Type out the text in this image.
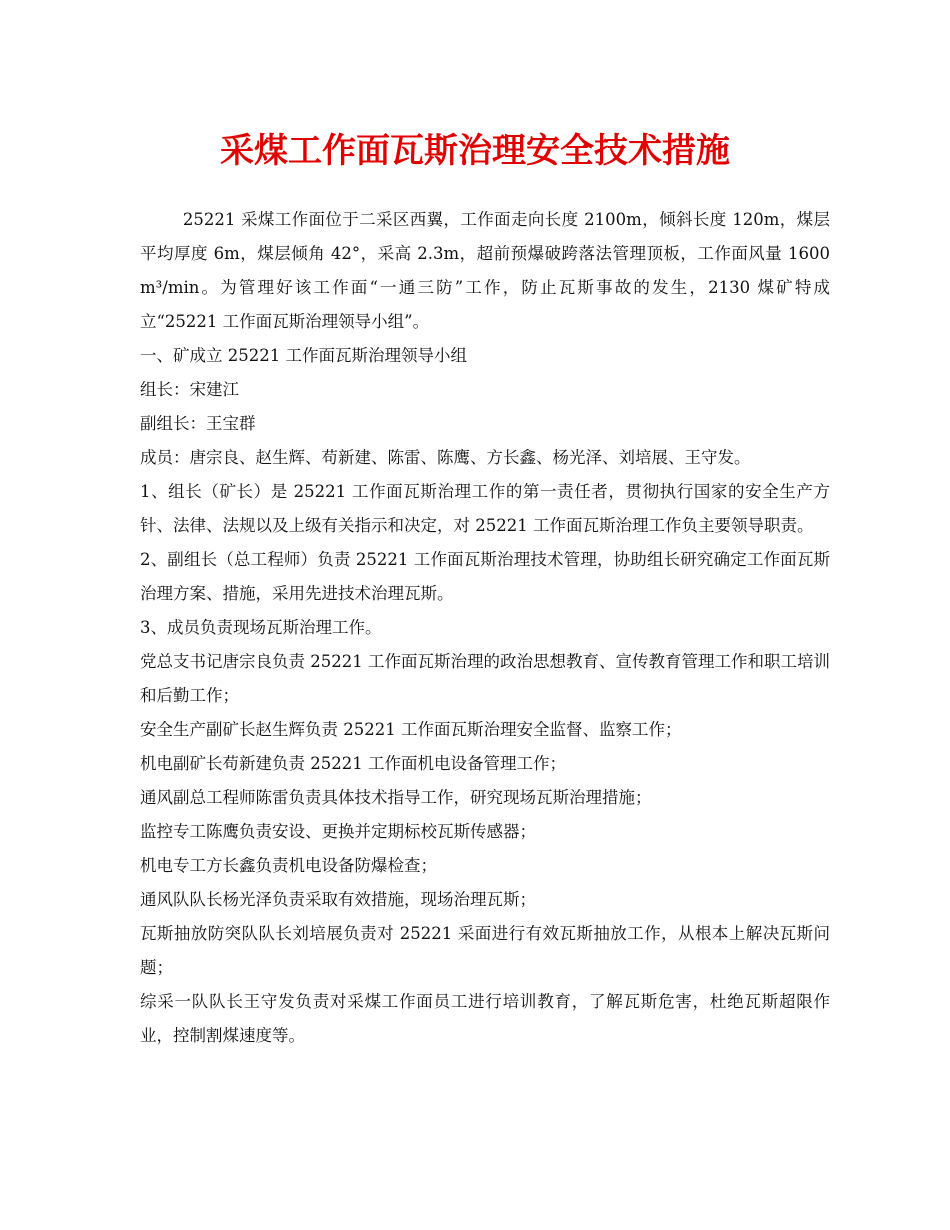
采煤工作面瓦斯治理安全技术措施

25221 采煤工作面位于二采区西翼，工作面走向长度 2100m，倾斜长度 120m，煤层平均厚度 6m，煤层倾角 42°，采高 2.3m，超前预爆破跨落法管理顶板，工作面风量 1600 m³/min。为管理好该工作面“一通三防”工作，防止瓦斯事故的发生，2130 煤矿特成立“25221 工作面瓦斯治理领导小组”。

一、矿成立 25221 工作面瓦斯治理领导小组

组长：宋建江

副组长：王宝群

成员：唐宗良、赵生辉、苟新建、陈雷、陈鹰、方长鑫、杨光泽、刘培展、王守发。

1、组长（矿长）是 25221 工作面瓦斯治理工作的第一责任者，贯彻执行国家的安全生产方针、法律、法规以及上级有关指示和决定，对 25221 工作面瓦斯治理工作负主要领导职责。

2、副组长（总工程师）负责 25221 工作面瓦斯治理技术管理，协助组长研究确定工作面瓦斯治理方案、措施，采用先进技术治理瓦斯。

3、成员负责现场瓦斯治理工作。

党总支书记唐宗良负责 25221 工作面瓦斯治理的政治思想教育、宣传教育管理工作和职工培训和后勤工作；

安全生产副矿长赵生辉负责 25221 工作面瓦斯治理安全监督、监察工作；

机电副矿长苟新建负责 25221 工作面机电设备管理工作；

通风副总工程师陈雷负责具体技术指导工作，研究现场瓦斯治理措施；

监控专工陈鹰负责安设、更换并定期标校瓦斯传感器；

机电专工方长鑫负责机电设备防爆检查；

通风队队长杨光泽负责采取有效措施，现场治理瓦斯；

瓦斯抽放防突队队长刘培展负责对 25221 采面进行有效瓦斯抽放工作，从根本上解决瓦斯问题；

综采一队队长王守发负责对采煤工作面员工进行培训教育，了解瓦斯危害，杜绝瓦斯超限作业，控制割煤速度等。
